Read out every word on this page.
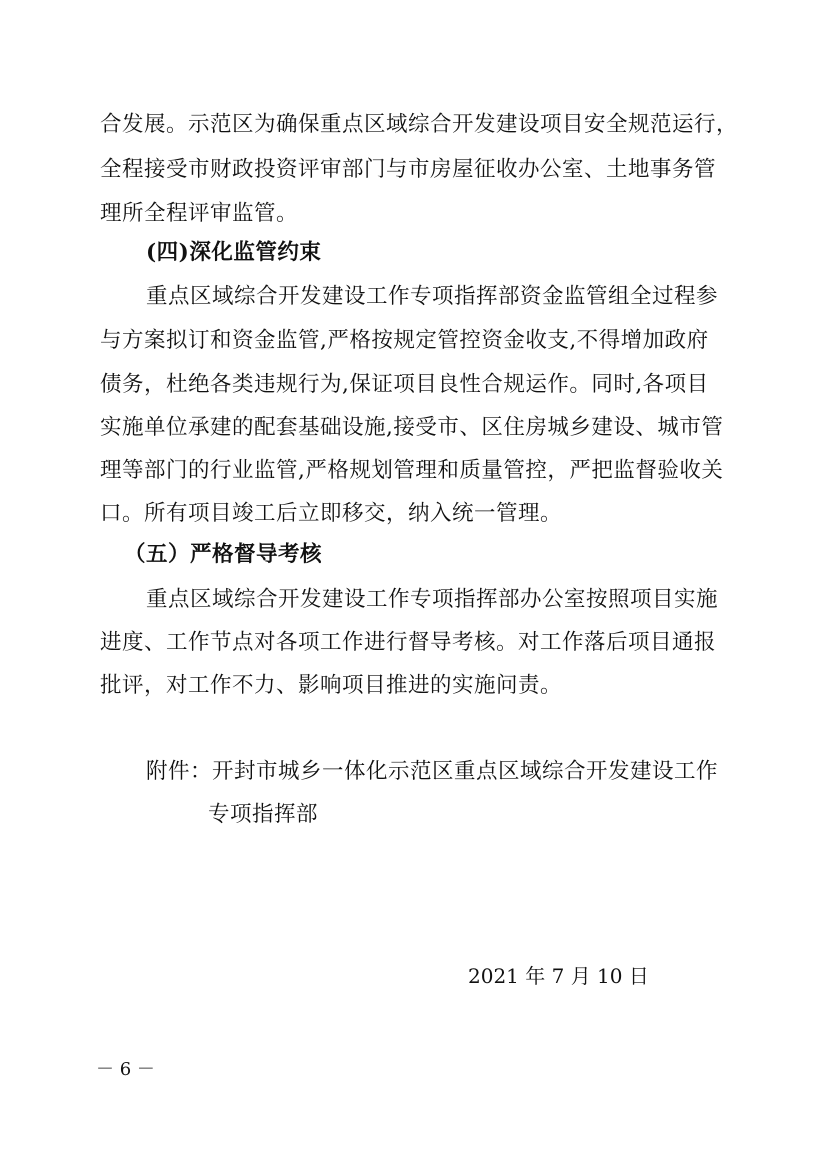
合发展。示范区为确保重点区域综合开发建设项目安全规范运行，
全程接受市财政投资评审部门与市房屋征收办公室、土地事务管
理所全程评审监管。
(四)深化监管约束
重点区域综合开发建设工作专项指挥部资金监管组全过程参
与方案拟订和资金监管,严格按规定管控资金收支,不得增加政府
债务，杜绝各类违规行为,保证项目良性合规运作。同时,各项目
实施单位承建的配套基础设施,接受市、区住房城乡建设、城市管
理等部门的行业监管,严格规划管理和质量管控，严把监督验收关
口。所有项目竣工后立即移交，纳入统一管理。
（五）严格督导考核
重点区域综合开发建设工作专项指挥部办公室按照项目实施
进度、工作节点对各项工作进行督导考核。对工作落后项目通报
批评，对工作不力、影响项目推进的实施问责。
附件：开封市城乡一体化示范区重点区域综合开发建设工作
专项指挥部
2021 年 7 月 10 日
－ 6 －
